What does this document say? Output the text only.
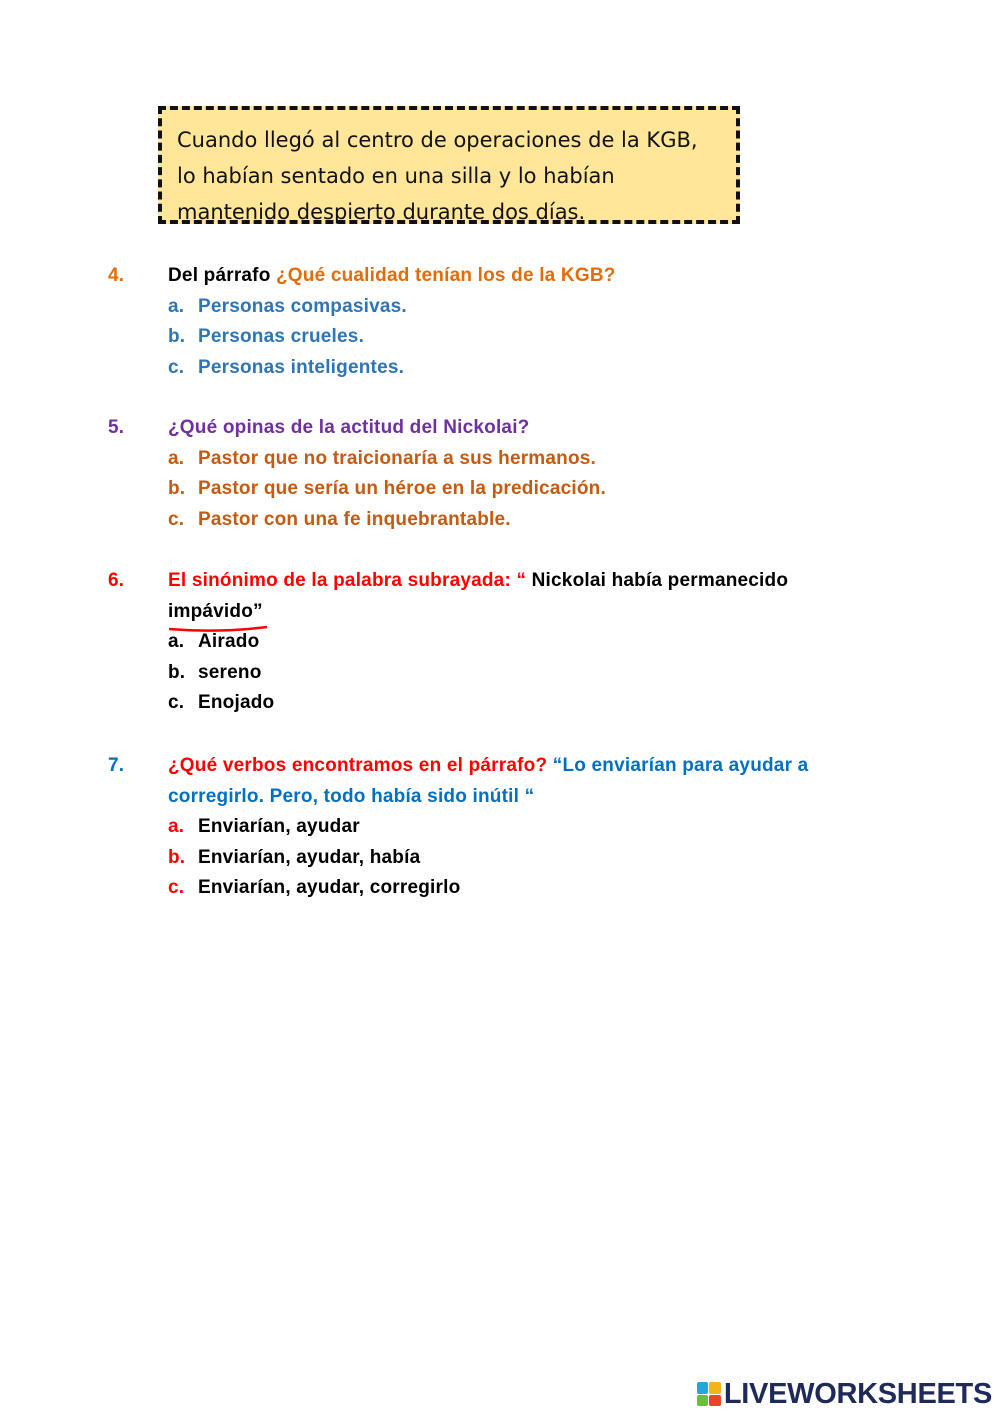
Cuando llegó al centro de operaciones de la KGB,
lo habían sentado en una silla y lo habían
mantenido despierto durante dos días.
4. Del párrafo ¿Qué cualidad tenían los de la KGB?
a. Personas compasivas.
b. Personas crueles.
c. Personas inteligentes.
5. ¿Qué opinas de la actitud del Nickolai?
a. Pastor que no traicionaría a sus hermanos.
b. Pastor que sería un héroe en la predicación.
c. Pastor con una fe inquebrantable.
6. El sinónimo de la palabra subrayada: “ Nickolai había permanecido
impávido
”
a. Airado
b. sereno
c. Enojado
7. ¿Qué verbos encontramos en el párrafo? “Lo enviarían para ayudar a
corregirlo. Pero, todo había sido inútil “
a. Enviarían, ayudar
b. Enviarían, ayudar, había
c. Enviarían, ayudar, corregirlo
LIVEWORKSHEETS
